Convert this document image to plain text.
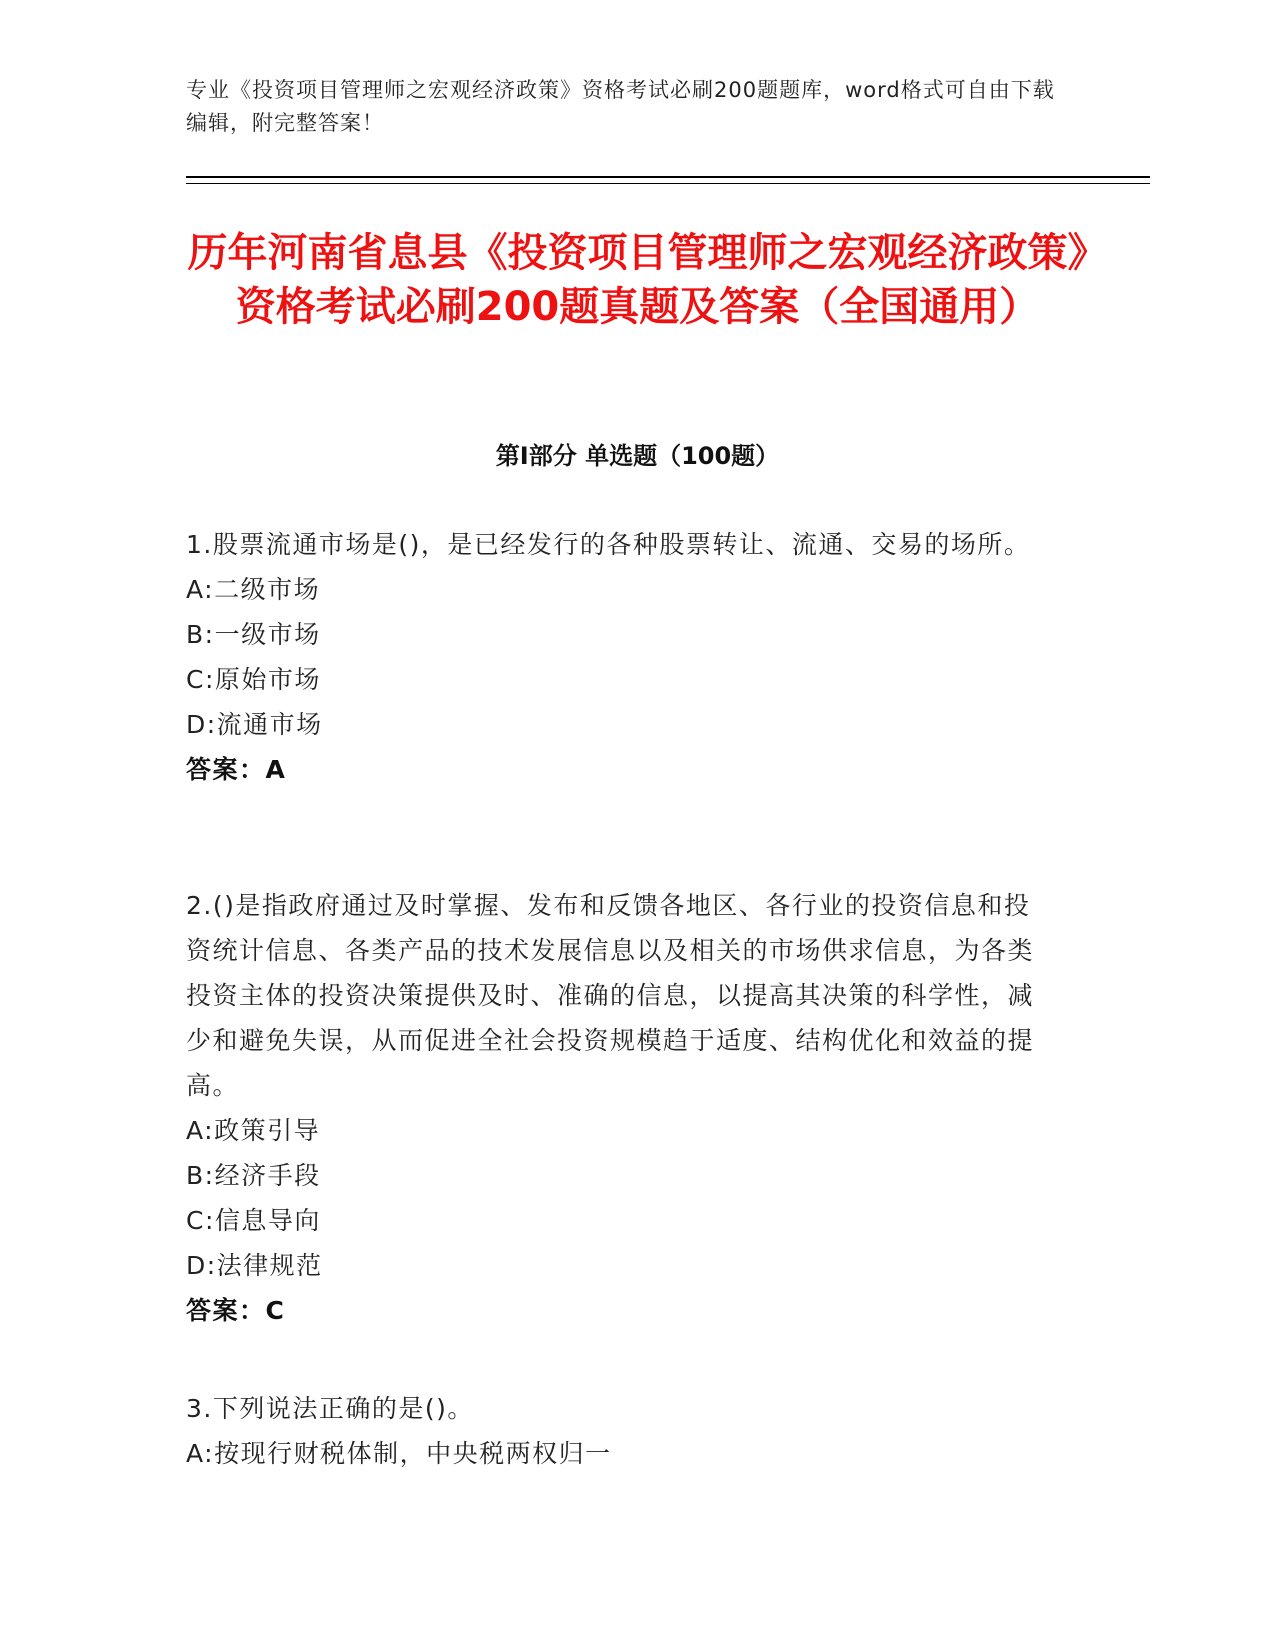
专业《投资项目管理师之宏观经济政策》资格考试必刷200题题库，word格式可自由下载编辑，附完整答案！
历年河南省息县《投资项目管理师之宏观经济政策》资格考试必刷200题真题及答案（全国通用）
第Ⅰ部分 单选题（100题）

1.股票流通市场是()，是已经发行的各种股票转让、流通、交易的场所。

A:二级市场

B:一级市场

C:原始市场

D:流通市场

答案：A

2.()是指政府通过及时掌握、发布和反馈各地区、各行业的投资信息和投资统计信息、各类产品的技术发展信息以及相关的市场供求信息，为各类投资主体的投资决策提供及时、准确的信息，以提高其决策的科学性，减少和避免失误，从而促进全社会投资规模趋于适度、结构优化和效益的提高。

A:政策引导

B:经济手段

C:信息导向

D:法律规范

答案：C

3.下列说法正确的是()。

A:按现行财税体制，中央税两权归一
